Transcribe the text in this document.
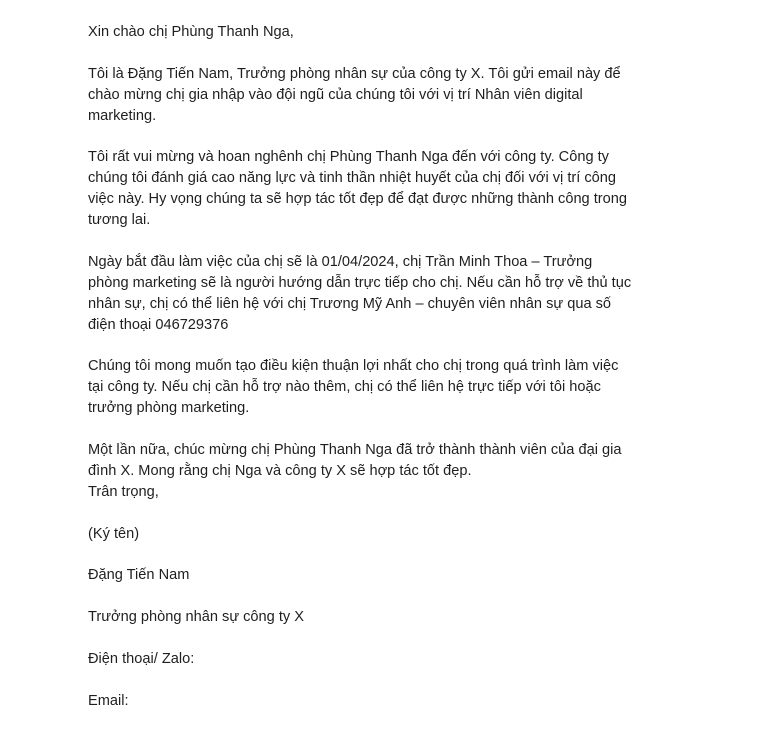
Xin chào chị Phùng Thanh Nga,

Tôi là Đặng Tiến Nam, Trưởng phòng nhân sự của công ty X. Tôi gửi email này để
chào mừng chị gia nhập vào đội ngũ của chúng tôi với vị trí Nhân viên digital
marketing.

Tôi rất vui mừng và hoan nghênh chị Phùng Thanh Nga đến với công ty. Công ty
chúng tôi đánh giá cao năng lực và tinh thần nhiệt huyết của chị đối với vị trí công
việc này. Hy vọng chúng ta sẽ hợp tác tốt đẹp để đạt được những thành công trong
tương lai.

Ngày bắt đầu làm việc của chị sẽ là 01/04/2024, chị Trần Minh Thoa – Trưởng
phòng marketing sẽ là người hướng dẫn trực tiếp cho chị. Nếu cần hỗ trợ về thủ tục
nhân sự, chị có thể liên hệ với chị Trương Mỹ Anh – chuyên viên nhân sự qua số
điện thoại 046729376

Chúng tôi mong muốn tạo điều kiện thuận lợi nhất cho chị trong quá trình làm việc
tại công ty. Nếu chị cần hỗ trợ nào thêm, chị có thể liên hệ trực tiếp với tôi hoặc
trưởng phòng marketing.

Một lần nữa, chúc mừng chị Phùng Thanh Nga đã trở thành thành viên của đại gia
đình X. Mong rằng chị Nga và công ty X sẽ hợp tác tốt đẹp.

Trân trọng,

(Ký tên)

Đặng Tiến Nam

Trưởng phòng nhân sự công ty X

Điện thoại/ Zalo:

Email:
